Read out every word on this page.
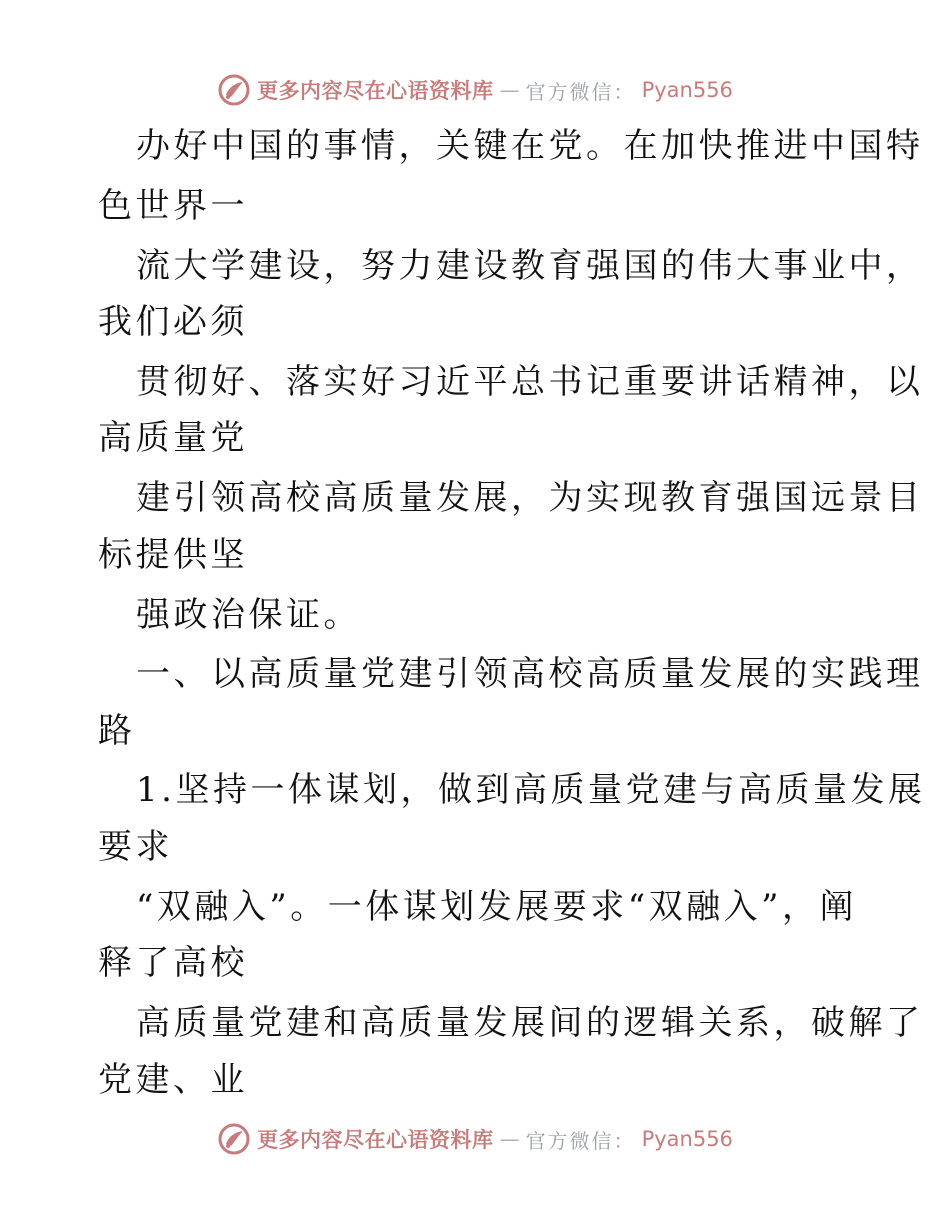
更多内容尽在心语资料库 — 官方微信： Pyan556
办好中国的事情，关键在党。在加快推进中国特
色世界一
流大学建设，努力建设教育强国的伟大事业中，
我们必须
贯彻好、落实好习近平总书记重要讲话精神，以
高质量党
建引领高校高质量发展，为实现教育强国远景目
标提供坚
强政治保证。
一、以高质量党建引领高校高质量发展的实践理
路
1.坚持一体谋划，做到高质量党建与高质量发展
要求
“双融入”。一体谋划发展要求“双融入”，阐
释了高校
高质量党建和高质量发展间的逻辑关系，破解了
党建、业
更多内容尽在心语资料库 — 官方微信： Pyan556
